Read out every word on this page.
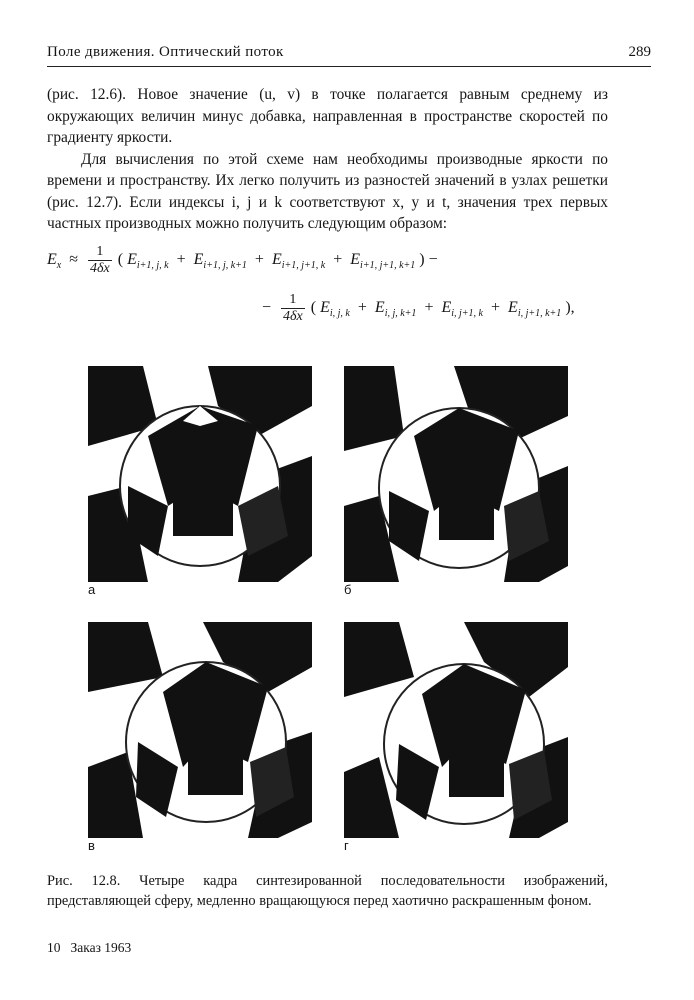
Поле движения. Оптический поток	289

(рис. 12.6). Новое значение (u, v) в точке полагается равным среднему из окружающих величин минус добавка, направленная в пространстве скоростей по градиенту яркости.

Для вычисления по этой схеме нам необходимы производные яркости по времени и пространству. Их легко получить из разностей значений в узлах решетки (рис. 12.7). Если индексы i, j и k соответствуют x, y и t, значения трех первых частных производных можно получить следующим образом:

$E_x \approx \frac{1}{4\delta x}$ ( $E_{i+1, j, k} + E_{i+1, j, k+1} + E_{i+1, j+1, k} + E_{i+1, j+1, k+1}$ ) −
− $\frac{1}{4\delta x}$ ( $E_{i, j, k} + E_{i, j, k+1} + E_{i, j+1, k} + E_{i, j+1, k+1}$ ),
а	б
в	г
Рис. 12.8. Четыре кадра синтезированной последовательности изображений, представляющей сферу, медленно вращающуюся перед хаотично раскрашенным фоном.
10 Заказ 1963
